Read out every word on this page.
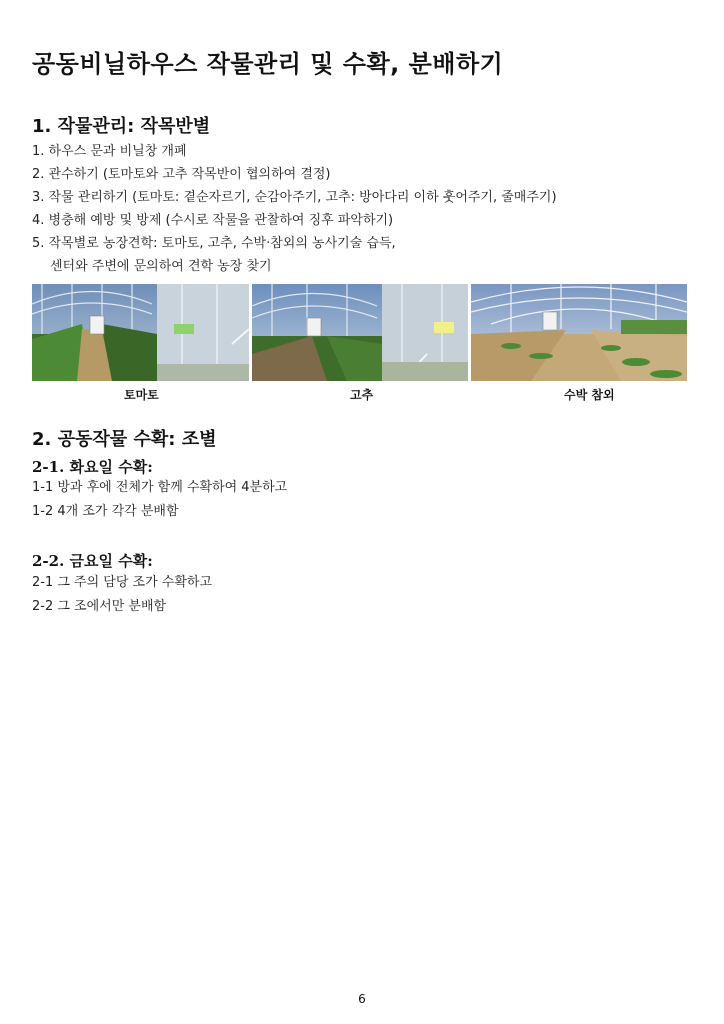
공동비닐하우스 작물관리 및 수확, 분배하기
1. 작물관리: 작목반별
1. 하우스 문과 비닐창 개폐
2. 관수하기 (토마토와 고추 작목반이 협의하여 결정)
3. 작물 관리하기 (토마토: 곁순자르기, 순감아주기, 고추: 방아다리 이하 훗어주기, 줄매주기)
4. 병충해 예방 및 방제 (수시로 작물을 관찰하여 징후 파악하기)
5. 작목별로 농장견학: 토마토, 고추, 수박·참외의 농사기술 습득,
센터와 주변에 문의하여 견학 농장 찾기
토마토	고추	수박 참외
2. 공동작물 수확: 조별
2-1. 화요일 수확:
1-1 방과 후에 전체가 함께 수확하여 4분하고
1-2 4개 조가 각각 분배함
2-2. 금요일 수확:
2-1 그 주의 담당 조가 수확하고
2-2 그 조에서만 분배함
6
